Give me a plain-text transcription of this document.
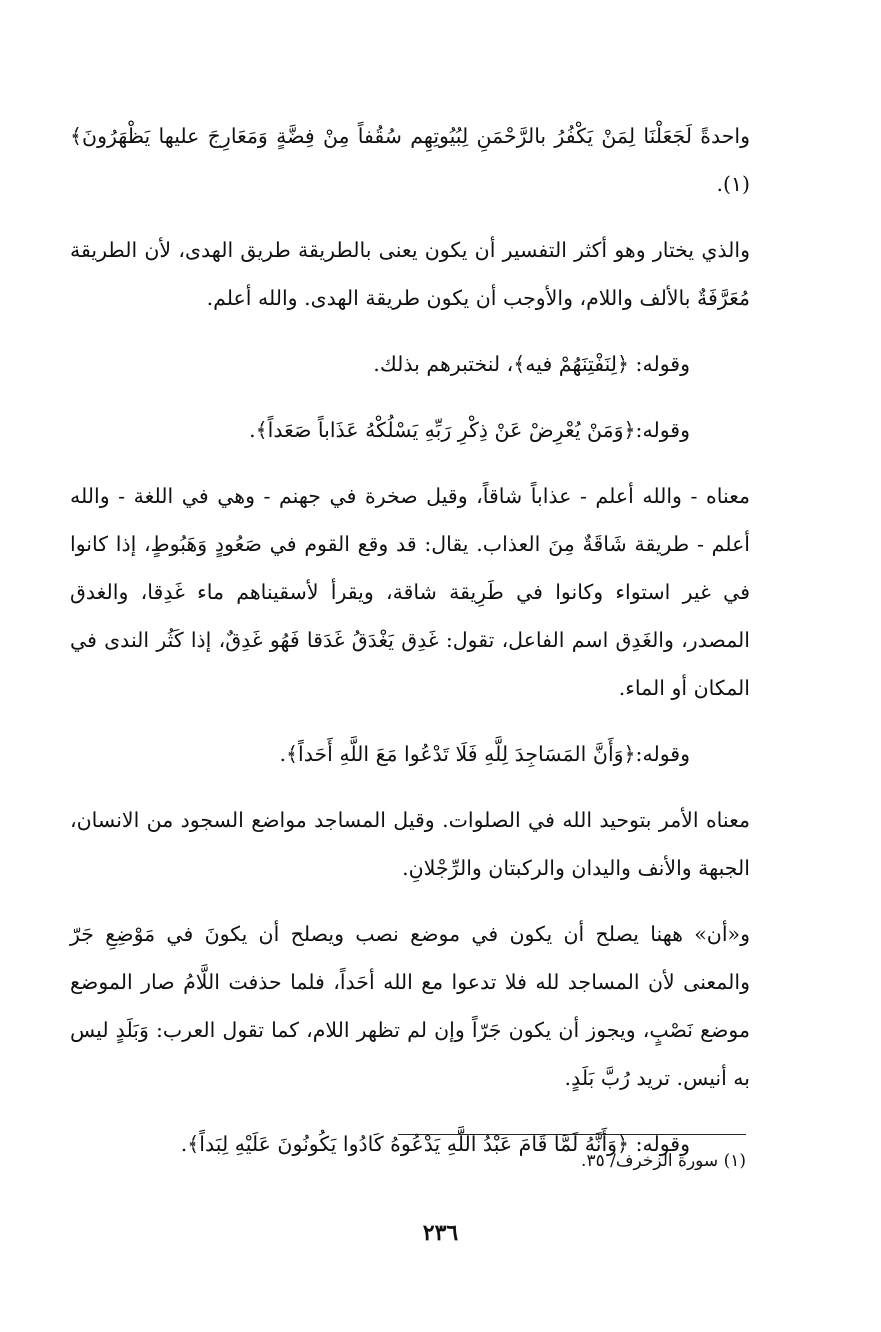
واحدةً لَجَعَلْنَا لِمَنْ يَكْفُرُ بالرَّحْمَنِ لِبُيُوتِهِم سُقُفاً مِنْ فِضَّةٍ وَمَعَارِجَ عليها يَظْهَرُونَ﴾(١).

والذي يختار وهو أكثر التفسير أن يكون يعنى بالطريقة طريق الهدى، لأن الطريقة مُعَرَّفَةٌ بالألف واللام، والأوجب أن يكون طريقة الهدى. والله أعلم.

وقوله: ﴿لِنَفْتِنَهُمْ فيه﴾، لنختبرهم بذلك.

وقوله:﴿وَمَنْ يُعْرِضْ عَنْ ذِكْرِ رَبِّهِ يَسْلُكْهُ عَذَاباً صَعَداً﴾.

معناه - والله أعلم - عذاباً شاقاً، وقيل صخرة في جهنم - وهي في اللغة - والله أعلم - طريقة شَاقَةٌ مِنَ العذاب. يقال: قد وقع القوم في صَعُودٍ وَهَبُوطٍ، إذا كانوا في غير استواء وكانوا في طَرِيقة شاقة، ويقرأ لأسقيناهم ماء غَدِقا، والغدق المصدر، والغَدِق اسم الفاعل، تقول: غَدِق يَغْدَقُ غَدَقا فَهُو غَدِقٌ، إذا كَثُر الندى في المكان أو الماء.

وقوله:﴿وَأَنَّ المَسَاجِدَ لِلَّهِ فَلَا تَدْعُوا مَعَ اللَّهِ أَحَداً﴾.

معناه الأمر بتوحيد الله في الصلوات. وقيل المساجد مواضع السجود من الانسان، الجبهة والأنف واليدان والركبتان والرِّجْلانِ.

و«أن» ههنا يصلح أن يكون في موضع نصب ويصلح أن يكونَ في مَوْضِعِ جَرّ والمعنى لأن المساجد لله فلا تدعوا مع الله أحَداً، فلما حذفت اللَّامُ صار الموضع موضع نَصْبٍ، ويجوز أن يكون جَرّاً وإن لم تظهر اللام، كما تقول العرب: وَبَلَدٍ ليس به أنيس. تريد رُبَّ بَلَدٍ.

وقوله: ﴿وَأَنَّهُ لَمَّا قَامَ عَبْدُ اللَّهِ يَدْعُوهُ كَادُوا يَكُونُونَ عَلَيْهِ لِبَداً﴾.

(١) سورة الزخرف/ ٣٥.
٢٣٦
